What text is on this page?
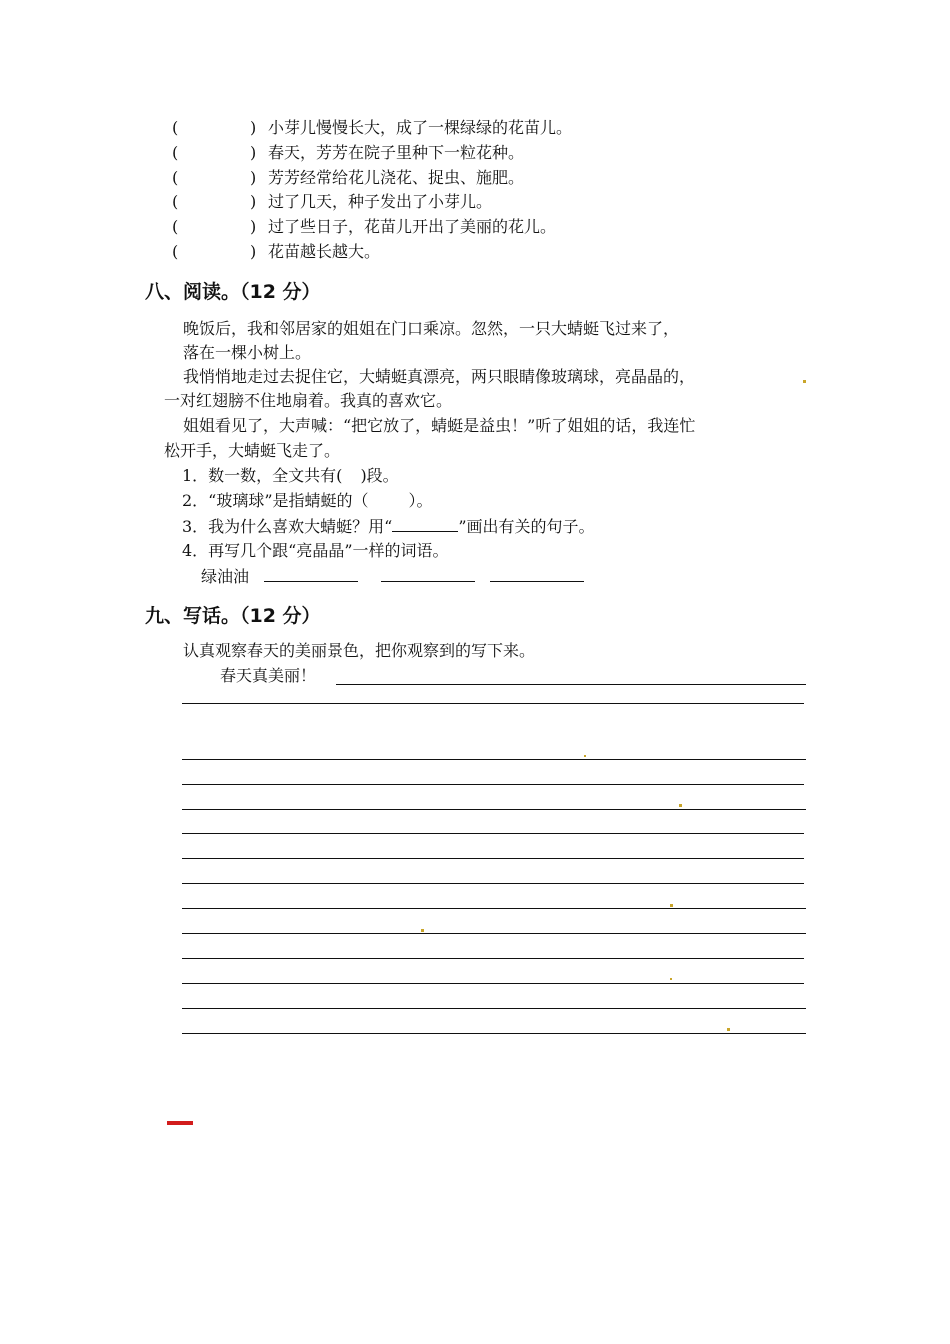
(	) 小芽儿慢慢长大，成了一棵绿绿的花苗儿。
(	) 春天，芳芳在院子里种下一粒花种。
(	) 芳芳经常给花儿浇花、捉虫、施肥。
(	) 过了几天，种子发出了小芽儿。
(	) 过了些日子，花苗儿开出了美丽的花儿。
(	) 花苗越长越大。
八、阅读。（12 分）
晚饭后，我和邻居家的姐姐在门口乘凉。忽然，一只大蜻蜓飞过来了，
落在一棵小树上。
我悄悄地走过去捉住它，大蜻蜓真漂亮，两只眼睛像玻璃球，亮晶晶的，
一对红翅膀不住地扇着。我真的喜欢它。
姐姐看见了，大声喊：“把它放了，蜻蜓是益虫！”听了姐姐的话，我连忙
松开手，大蜻蜓飞走了。
1．数一数，全文共有( )段。
2．“玻璃球”是指蜻蜓的（	）。
3．我为什么喜欢大蜻蜓？用“	”画出有关的句子。
4．再写几个跟“亮晶晶”一样的词语。
绿油油
九、写话。（12 分）
认真观察春天的美丽景色，把你观察到的写下来。
春天真美丽！
